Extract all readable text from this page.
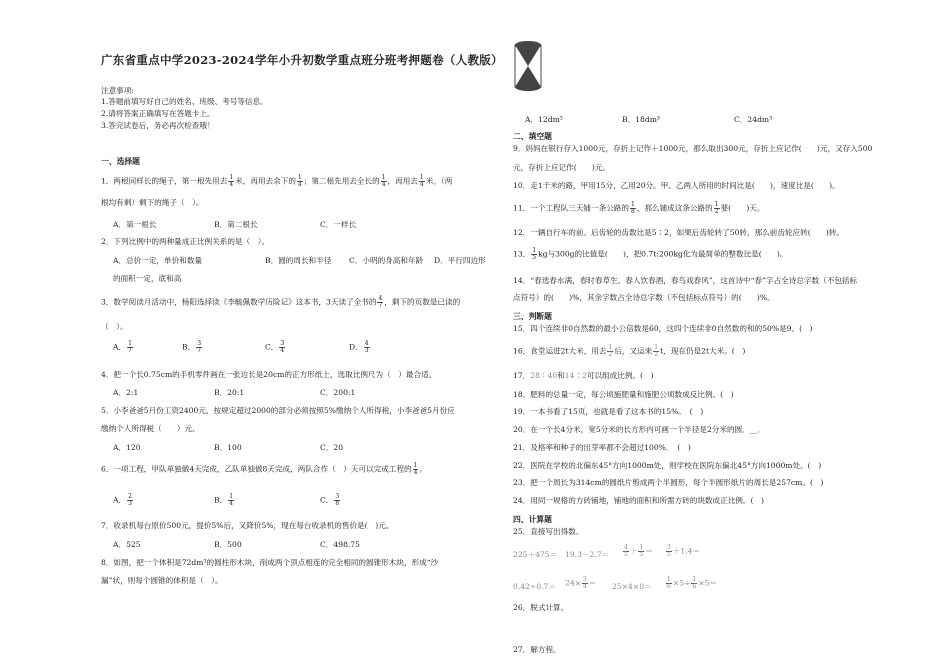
广东省重点中学2023-2024学年小升初数学重点班分班考押题卷（人教版）
注意事项:
1.答题前填写好自己的姓名、班级、考号等信息。
2.请将答案正确填写在答题卡上。
3.答完试卷后，务必再次检查哦！
一、选择题
1．两根同样长的绳子，第一根先用去 $\frac{1}{4}$ 米，再用去余下的 $\frac{1}{4}$ ；第二根先用去全长的 $\frac{1}{4}$ ，再用去 $\frac{1}{4}$ 米。（两
根均有剩）剩下的绳子（　）。
A．第一根长	B．第二根长	C．一样长
2．下列比例中的两种量成正比例关系的是（　）。
A．总价一定，单价和数量	B．圆的周长和半径 C．小明的身高和年龄 D．平行四边形
的面积一定，底和高
3．数学阅读月活动中，杨阳选择读《李毓佩数学历险记》这本书，3天读了全书的 $\frac{4}{7}$ ，剩下的页数是已读的
（　）。
A． $\frac{1}{7}$	B． $\frac{3}{7}$	C． $\frac{3}{4}$	D． $\frac{4}{3}$
4．把一个长0.75cm的手机零件画在一张边长是20cm的正方形纸上，选取比例尺为（　）最合适。
A．2:1	B．20:1	C．200:1
5．小李爸爸5月份工资2400元，按规定超过2000的部分必须按照5%缴纳个人所得税，小李爸爸5月份应
缴纳个人所得税（　　）元。
A．120	B．100	C．20
6．一项工程，甲队单独做4天完成，乙队单独做8天完成，两队合作（　）天可以完成工程的 $\frac{1}{4}$ 。
A． $\frac{2}{3}$	B． $\frac{1}{4}$	C． $\frac{3}{8}$
7．收录机每台原价500元，提价5%后，又降价5%，现在每台收录机的售价是(　)元。
A．525	B．500	C．498.75
8．如图，把一个体积是72dm³的圆柱形木块，削成两个顶点相连的完全相同的圆锥形木块，形成“沙
漏”状，则每个圆锥的体积是（　）。
A．12dm³	B．18dm³	C．24dm³
二、填空题
9．妈妈在银行存入1000元，存折上记作＋1000元，那么取出300元，存折上应记作(　　)元，又存入500
元，存折上应记作(　　)元。
10．走1千米的路，甲用15分，乙用20分。甲、乙两人所用的时间比是(　　)，速度比是(　　)。
11．一个工程队三天铺一条公路的 $\frac{1}{8}$ ，那么铺成这条公路的 $\frac{1}{2}$ 要(　　)天。
12．一辆自行车的前、后齿轮的齿数比是5∶2，如果后齿轮转了50转，那么前齿轮应转(　　)转。
13． $\frac{1}{5}$ kg与300g的比值是(　　)，把0.7t:200kg化为最简单的整数比是(　　)。
14．“春选春水满，春时春草生。春人饮春酒，春鸟戏春风”，这首诗中“春”字占全诗总字数（不包括标
点符号）的(　　)%，其余字数占全诗总字数（不包括标点符号）的(　　)%。
三、判断题
15．四个连续非0自然数的最小公倍数是60，这四个连续非0自然数的和的50%是9。(　)
16．食堂运进2t大米，用去 $\frac{1}{2}$ 后，又运来 $\frac{1}{2}$ t，现在仍是2t大米。(　)
17．28∶40和14∶2可以组成比例。(　)
18．肥料的总量一定，每公顷施肥量和施肥公顷数成反比例。(　)
19．一本书看了15页，也就是看了这本书的15%。　(　)
20．在一个长4分米，宽5分米的长方形内可画一个半径是2分米的圆．__．
21．及格率和种子的出芽率都不会超过100%．　(　)
22．医院在学校的北偏东45°方向1000m处，则学校在医院东偏北45°方向1000m处。(　)
23．把一个周长为314cm的圆纸片剪成两个半圆形，每个半圆形纸片的周长是257cm。(　)
24．用同一规格的方砖铺地，铺地的面积和所需方砖的块数成正比例。(　)
四、计算题
25．直接写出得数。
$225+475= 19.3-2.7= \frac{4}{5} + \frac{1}{5} = \frac{3}{5} +1.4=$
$0.42\div 0.7= 24\times \frac{3}{4} = 25\times 4\times 0= \frac{1}{6} \times 5\div \frac{1}{6} \times 5=$
26．脱式计算。
27．解方程。
